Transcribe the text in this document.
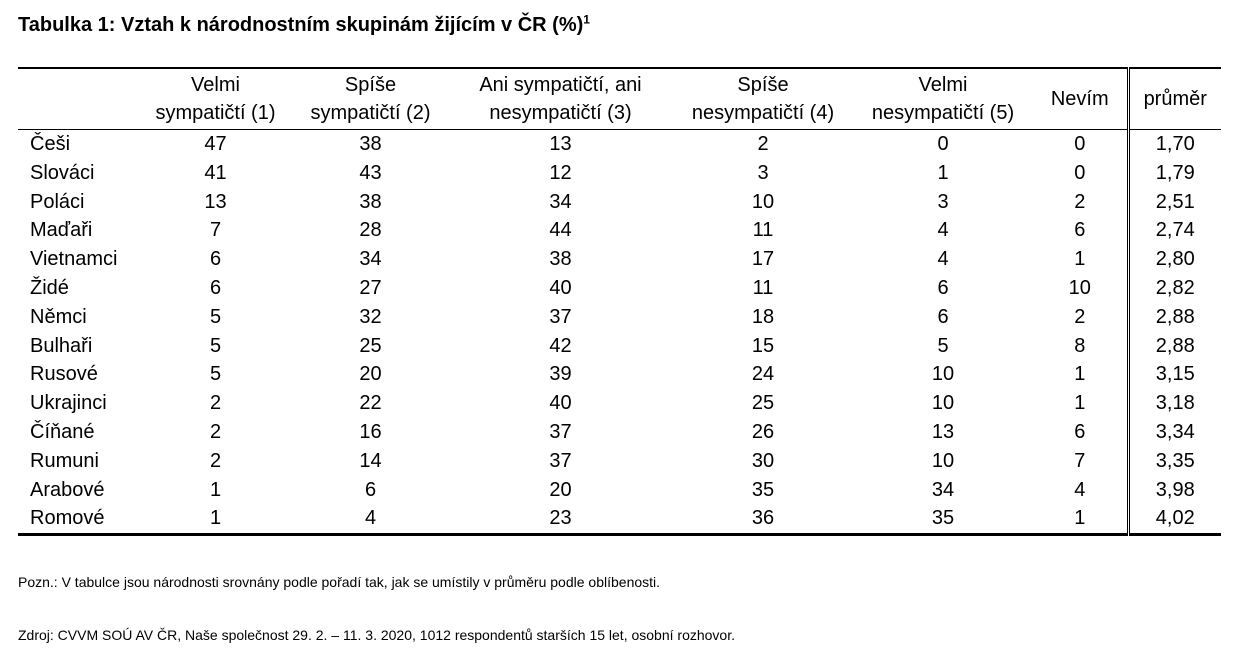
Tabulka 1: Vztah k národnostním skupinám žijícím v ČR (%)$^1$
	Velmi
sympatičtí (1)	Spíše
sympatičtí (2)	Ani sympatičtí, ani
nesympatičtí (3)	Spíše
nesympatičtí (4)	Velmi
nesympatičtí (5)	Nevím	průměr
Češi	47	38	13	2	0	0	1,70
Slováci	41	43	12	3	1	0	1,79
Poláci	13	38	34	10	3	2	2,51
Maďaři	7	28	44	11	4	6	2,74
Vietnamci	6	34	38	17	4	1	2,80
Židé	6	27	40	11	6	10	2,82
Němci	5	32	37	18	6	2	2,88
Bulhaři	5	25	42	15	5	8	2,88
Rusové	5	20	39	24	10	1	3,15
Ukrajinci	2	22	40	25	10	1	3,18
Číňané	2	16	37	26	13	6	3,34
Rumuni	2	14	37	30	10	7	3,35
Arabové	1	6	20	35	34	4	3,98
Romové	1	4	23	36	35	1	4,02
Pozn.: V tabulce jsou národnosti srovnány podle pořadí tak, jak se umístily v průměru podle oblíbenosti.
Zdroj: CVVM SOÚ AV ČR, Naše společnost 29. 2. – 11. 3. 2020, 1012 respondentů starších 15 let, osobní rozhovor.
